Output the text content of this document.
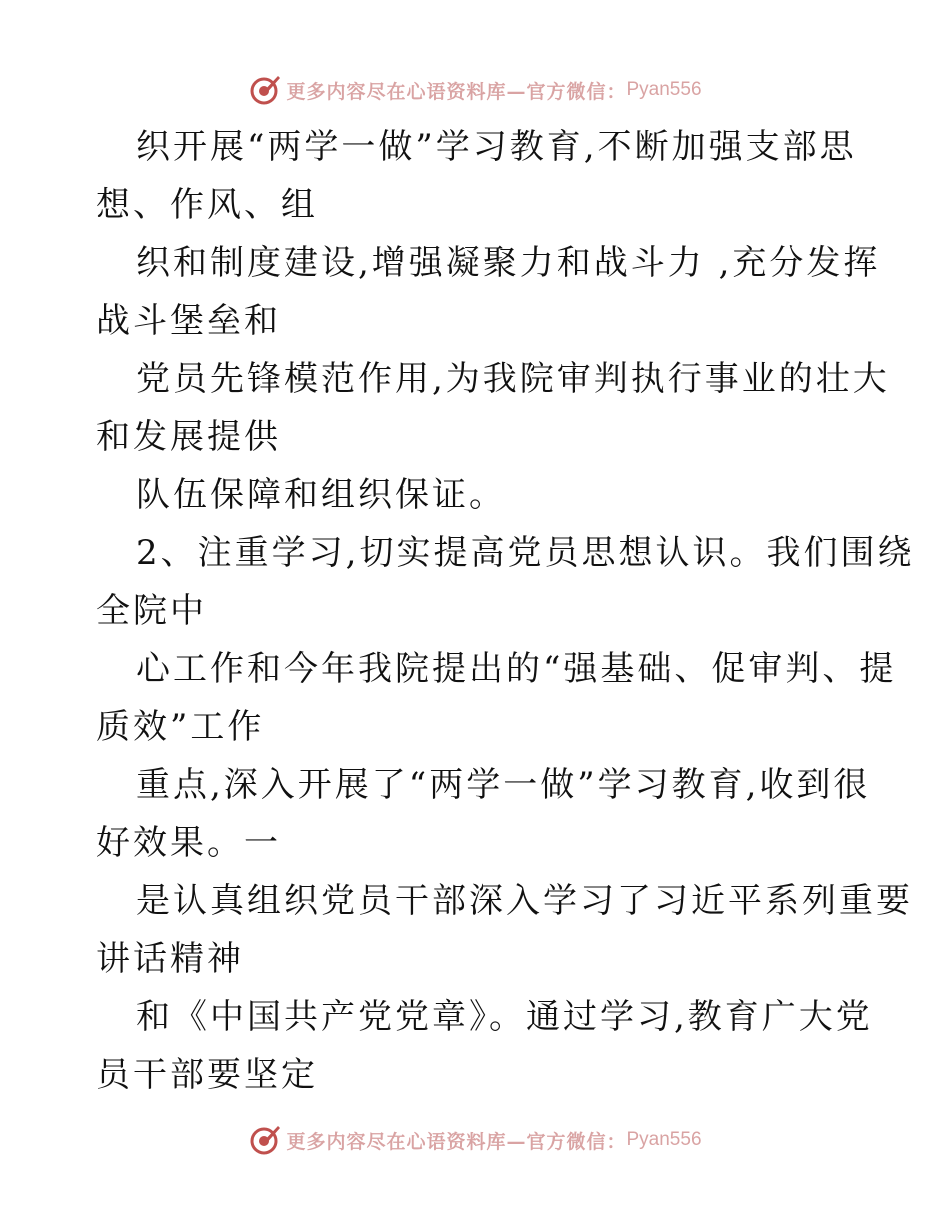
更多内容尽在心语资料库—官方微信： Pyan556
织开展“两学一做”学习教育,不断加强支部思
想、作风、组
织和制度建设,增强凝聚力和战斗力 ,充分发挥
战斗堡垒和
党员先锋模范作用,为我院审判执行事业的壮大
和发展提供
队伍保障和组织保证。
2、注重学习,切实提高党员思想认识。我们围绕
全院中
心工作和今年我院提出的“强基础、促审判、提
质效”工作
重点,深入开展了“两学一做”学习教育,收到很
好效果。一
是认真组织党员干部深入学习了习近平系列重要
讲话精神
和《中国共产党党章》。通过学习,教育广大党
员干部要坚定
更多内容尽在心语资料库—官方微信： Pyan556
